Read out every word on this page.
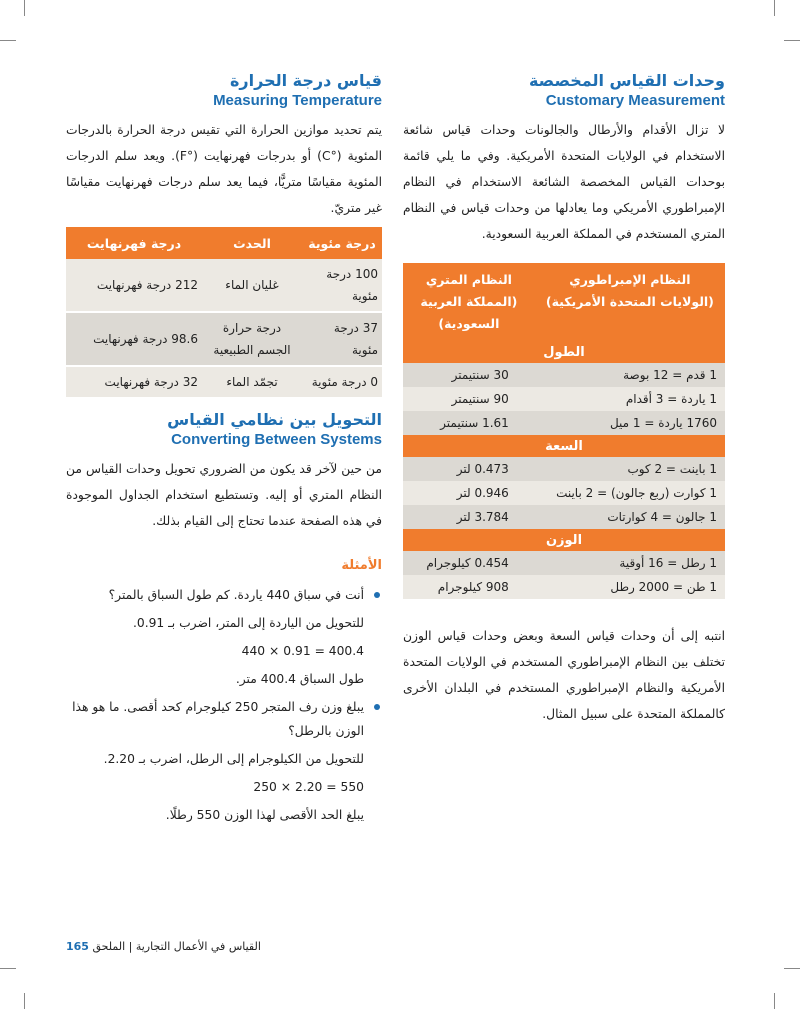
وحدات القياس المخصصة
Customary Measurement

لا تزال الأقدام والأرطال والجالونات وحدات قياس شائعة الاستخدام في الولايات المتحدة الأمريكية. وفي ما يلي قائمة بوحدات القياس المخصصة الشائعة الاستخدام في النظام الإمبراطوري الأمريكي وما يعادلها من وحدات قياس في النظام المتري المستخدم في المملكة العربية السعودية.

النظام الإمبراطوري (الولايات المتحدة الأمريكية)	النظام المتري (المملكة العربية السعودية)
الطول	
1 قدم = 12 بوصة	30 سنتيمتر
1 ياردة = 3 أقدام	90 سنتيمتر
1760 ياردة = 1 ميل	1.61 سنتيمتر
السعة	
1 باينت = 2 كوب	0.473 لتر
1 كوارت (ربع جالون) = 2 باينت	0.946 لتر
1 جالون = 4 كوارتات	3.784 لتر
الوزن	
1 رطل = 16 أوقية	0.454 كيلوجرام
1 طن = 2000 رطل	908 كيلوجرام

انتبه إلى أن وحدات قياس السعة وبعض وحدات قياس الوزن تختلف بين النظام الإمبراطوري المستخدم في الولايات المتحدة الأمريكية والنظام الإمبراطوري المستخدم في البلدان الأخرى كالمملكة المتحدة على سبيل المثال.

قياس درجة الحرارة
Measuring Temperature

يتم تحديد موازين الحرارة التي تقيس درجة الحرارة بالدرجات المئوية (°C) أو بدرجات فهرنهايت (°F). ويعد سلم الدرجات المئوية مقياسًا متريًّا، فيما يعد سلم درجات فهرنهايت مقياسًا غير متريّ.

درجة مئوية	الحدث	درجة فهرنهايت
100 درجة مئوية	غليان الماء	212 درجة فهرنهايت
37 درجة مئوية	درجة حرارة الجسم الطبيعية	98.6 درجة فهرنهايت
0 درجة مئوية	تجمّد الماء	32 درجة فهرنهايت
التحويل بين نظامي القياس
Converting Between Systems

من حين لآخر قد يكون من الضروري تحويل وحدات القياس من النظام المتري أو إليه. وتستطيع استخدام الجداول الموجودة في هذه الصفحة عندما تحتاج إلى القيام بذلك.

الأمثلة
أنت في سباق 440 ياردة. كم طول السباق بالمتر؟
للتحويل من الياردة إلى المتر، اضرب بـ 0.91.
400.4 = 0.91 × 440
طول السباق 400.4 متر.
يبلغ وزن رف المتجر 250 كيلوجرام كحد أقصى. ما هو هذا الوزن بالرطل؟
للتحويل من الكيلوجرام إلى الرطل، اضرب بـ 2.20.
550 = 2.20 × 250
يبلغ الحد الأقصى لهذا الوزن 550 رطلًا.
القياس في الأعمال التجارية | الملحق 165
